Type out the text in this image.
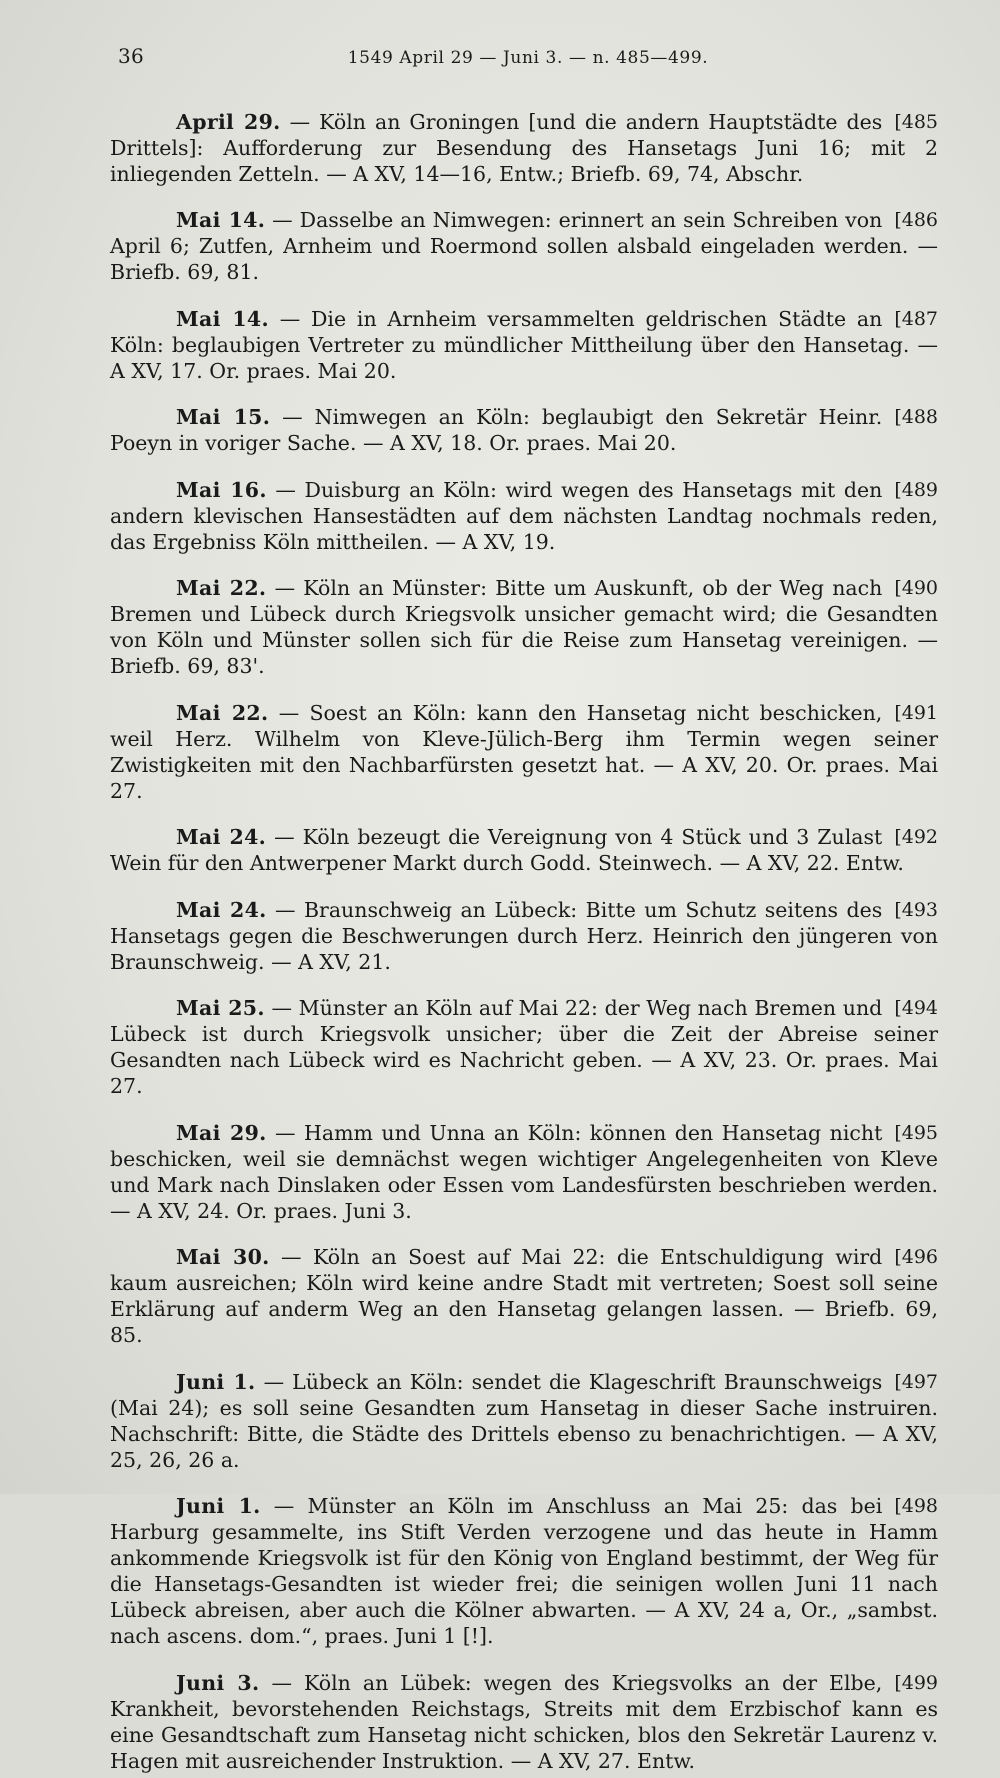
36	1549 April 29 — Juni 3. — n. 485—499.

[485
April 29. — Köln an Groningen [und die andern Hauptstädte des Drittels]: Aufforderung zur Besendung des Hansetags Juni 16; mit 2 inliegenden Zetteln. — A XV, 14—16, Entw.; Briefb. 69, 74, Abschr.

[486
Mai 14. — Dasselbe an Nimwegen: erinnert an sein Schreiben von April 6; Zutfen, Arnheim und Roermond sollen alsbald eingeladen werden. — Briefb. 69, 81.

[487
Mai 14. — Die in Arnheim versammelten geldrischen Städte an Köln: beglaubigen Vertreter zu mündlicher Mittheilung über den Hansetag. — A XV, 17. Or. praes. Mai 20.

[488
Mai 15. — Nimwegen an Köln: beglaubigt den Sekretär Heinr. Poeyn in voriger Sache. — A XV, 18. Or. praes. Mai 20.

[489
Mai 16. — Duisburg an Köln: wird wegen des Hansetags mit den andern klevischen Hansestädten auf dem nächsten Landtag nochmals reden, das Ergebniss Köln mittheilen. — A XV, 19.

[490
Mai 22. — Köln an Münster: Bitte um Auskunft, ob der Weg nach Bremen und Lübeck durch Kriegsvolk unsicher gemacht wird; die Gesandten von Köln und Münster sollen sich für die Reise zum Hansetag vereinigen. — Briefb. 69, 83'.

[491
Mai 22. — Soest an Köln: kann den Hansetag nicht beschicken, weil Herz. Wilhelm von Kleve-Jülich-Berg ihm Termin wegen seiner Zwistigkeiten mit den Nachbarfürsten gesetzt hat. — A XV, 20. Or. praes. Mai 27.

[492
Mai 24. — Köln bezeugt die Vereignung von 4 Stück und 3 Zulast Wein für den Antwerpener Markt durch Godd. Steinwech. — A XV, 22. Entw.

[493
Mai 24. — Braunschweig an Lübeck: Bitte um Schutz seitens des Hansetags gegen die Beschwerungen durch Herz. Heinrich den jüngeren von Braunschweig. — A XV, 21.

[494
Mai 25. — Münster an Köln auf Mai 22: der Weg nach Bremen und Lübeck ist durch Kriegsvolk unsicher; über die Zeit der Abreise seiner Gesandten nach Lübeck wird es Nachricht geben. — A XV, 23. Or. praes. Mai 27.

[495
Mai 29. — Hamm und Unna an Köln: können den Hansetag nicht beschicken, weil sie demnächst wegen wichtiger Angelegenheiten von Kleve und Mark nach Dinslaken oder Essen vom Landesfürsten beschrieben werden. — A XV, 24. Or. praes. Juni 3.

[496
Mai 30. — Köln an Soest auf Mai 22: die Entschuldigung wird kaum ausreichen; Köln wird keine andre Stadt mit vertreten; Soest soll seine Erklärung auf anderm Weg an den Hansetag gelangen lassen. — Briefb. 69, 85.

[497
Juni 1. — Lübeck an Köln: sendet die Klageschrift Braunschweigs (Mai 24); es soll seine Gesandten zum Hansetag in dieser Sache instruiren. Nachschrift: Bitte, die Städte des Drittels ebenso zu benachrichtigen. — A XV, 25, 26, 26 a.

[498
Juni 1. — Münster an Köln im Anschluss an Mai 25: das bei Harburg gesammelte, ins Stift Verden verzogene und das heute in Hamm ankommende Kriegsvolk ist für den König von England bestimmt, der Weg für die Hansetags-Gesandten ist wieder frei; die seinigen wollen Juni 11 nach Lübeck abreisen, aber auch die Kölner abwarten. — A XV, 24 a, Or., „sambst. nach ascens. dom.“, praes. Juni 1 [!].

[499
Juni 3. — Köln an Lübek: wegen des Kriegsvolks an der Elbe, Krankheit, bevorstehenden Reichstags, Streits mit dem Erzbischof kann es eine Gesandtschaft zum Hansetag nicht schicken, blos den Sekretär Laurenz v. Hagen mit ausreichender Instruktion. — A XV, 27. Entw.
